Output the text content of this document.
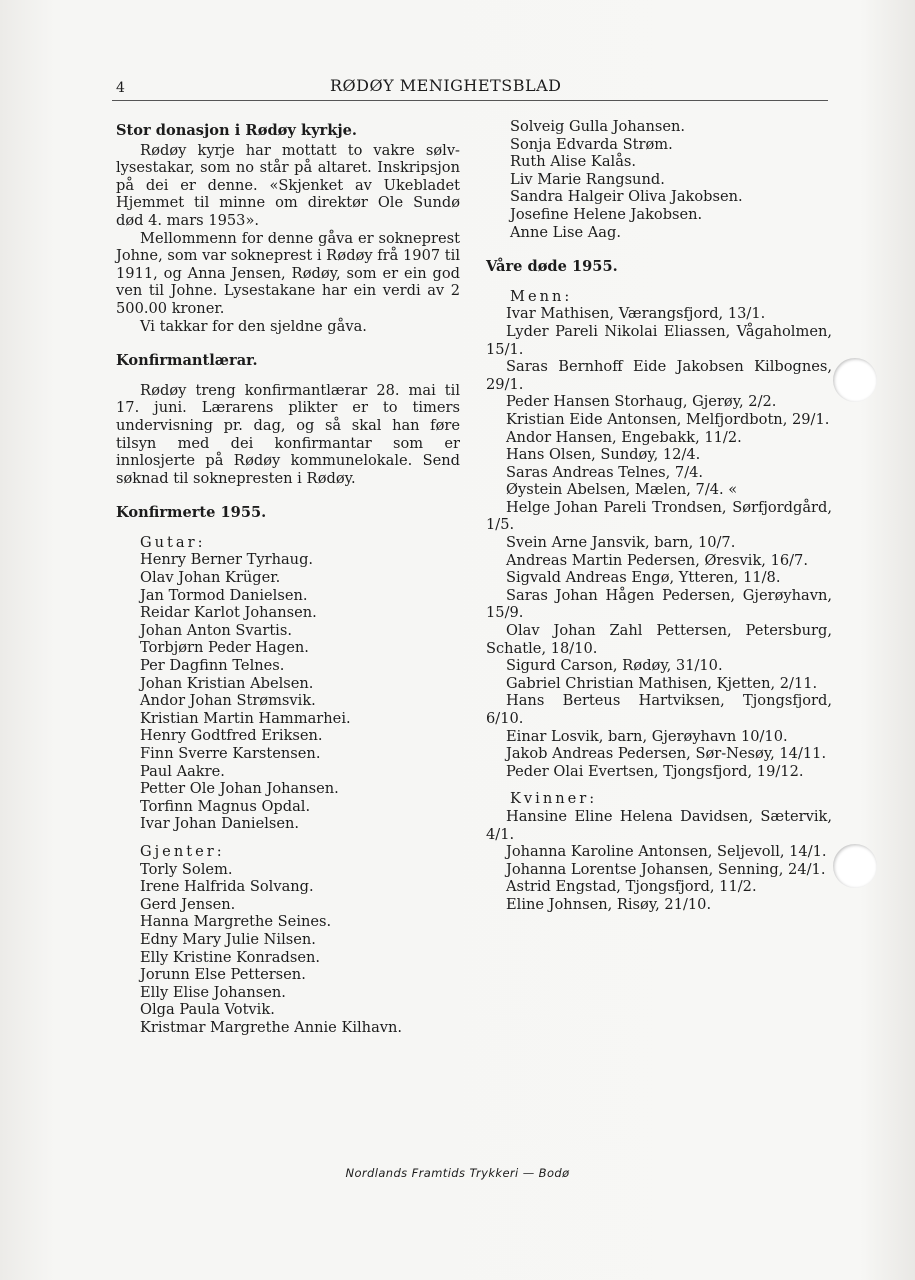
4	RØDØY MENIGHETSBLAD

Stor donasjon i Rødøy kyrkje.

Rødøy kyrje har mottatt to vakre sølv-lysestakar, som no står på altaret. Inskripsjon på dei er denne. «Skjenket av Ukebladet Hjemmet til minne om direktør Ole Sundø død 4. mars 1953».

Mellommenn for denne gåva er sokneprest Johne, som var sokneprest i Rødøy frå 1907 til 1911, og Anna Jensen, Rødøy, som er ein god ven til Johne. Lysestakane har ein verdi av 2 500.00 kroner.

Vi takkar for den sjeldne gåva.

Konfirmantlærar.

Rødøy treng konfirmantlærar 28. mai til 17. juni. Lærarens plikter er to timers undervisning pr. dag, og så skal han føre tilsyn med dei konfirmantar som er innlosjerte på Rødøy kommunelokale. Send søknad til soknepresten i Rødøy.

Konfirmerte 1955.

Gutar:

Henry Berner Tyrhaug.

Olav Johan Krüger.

Jan Tormod Danielsen.

Reidar Karlot Johansen.

Johan Anton Svartis.

Torbjørn Peder Hagen.

Per Dagfinn Telnes.

Johan Kristian Abelsen.

Andor Johan Strømsvik.

Kristian Martin Hammarhei.

Henry Godtfred Eriksen.

Finn Sverre Karstensen.

Paul Aakre.

Petter Ole Johan Johansen.

Torfinn Magnus Opdal.

Ivar Johan Danielsen.

Gjenter:

Torly Solem.

Irene Halfrida Solvang.

Gerd Jensen.

Hanna Margrethe Seines.

Edny Mary Julie Nilsen.

Elly Kristine Konradsen.

Jorunn Else Pettersen.

Elly Elise Johansen.

Olga Paula Votvik.

Kristmar Margrethe Annie Kilhavn.

Solveig Gulla Johansen.

Sonja Edvarda Strøm.

Ruth Alise Kalås.

Liv Marie Rangsund.

Sandra Halgeir Oliva Jakobsen.

Josefine Helene Jakobsen.

Anne Lise Aag.

Våre døde 1955.

Menn:

Ivar Mathisen, Værangsfjord, 13/1.

Lyder Pareli Nikolai Eliassen, Vågaholmen, 15/1.

Saras Bernhoff Eide Jakobsen Kilbognes, 29/1.

Peder Hansen Storhaug, Gjerøy, 2/2.

Kristian Eide Antonsen, Melfjordbotn, 29/1.

Andor Hansen, Engebakk, 11/2.

Hans Olsen, Sundøy, 12/4.

Saras Andreas Telnes, 7/4.

Øystein Abelsen, Mælen, 7/4. «

Helge Johan Pareli Trondsen, Sørfjordgård, 1/5.

Svein Arne Jansvik, barn, 10/7.

Andreas Martin Pedersen, Øresvik, 16/7.

Sigvald Andreas Engø, Ytteren, 11/8.

Saras Johan Hågen Pedersen, Gjerøyhavn, 15/9.

Olav Johan Zahl Pettersen, Petersburg, Schatle, 18/10.

Sigurd Carson, Rødøy, 31/10.

Gabriel Christian Mathisen, Kjetten, 2/11.

Hans Berteus Hartviksen, Tjongsfjord, 6/10.

Einar Losvik, barn, Gjerøyhavn 10/10.

Jakob Andreas Pedersen, Sør-Nesøy, 14/11.

Peder Olai Evertsen, Tjongsfjord, 19/12.

Kvinner:

Hansine Eline Helena Davidsen, Sætervik, 4/1.

Johanna Karoline Antonsen, Seljevoll, 14/1.

Johanna Lorentse Johansen, Senning, 24/1.

Astrid Engstad, Tjongsfjord, 11/2.

Eline Johnsen, Risøy, 21/10.

Nordlands Framtids Trykkeri — Bodø
